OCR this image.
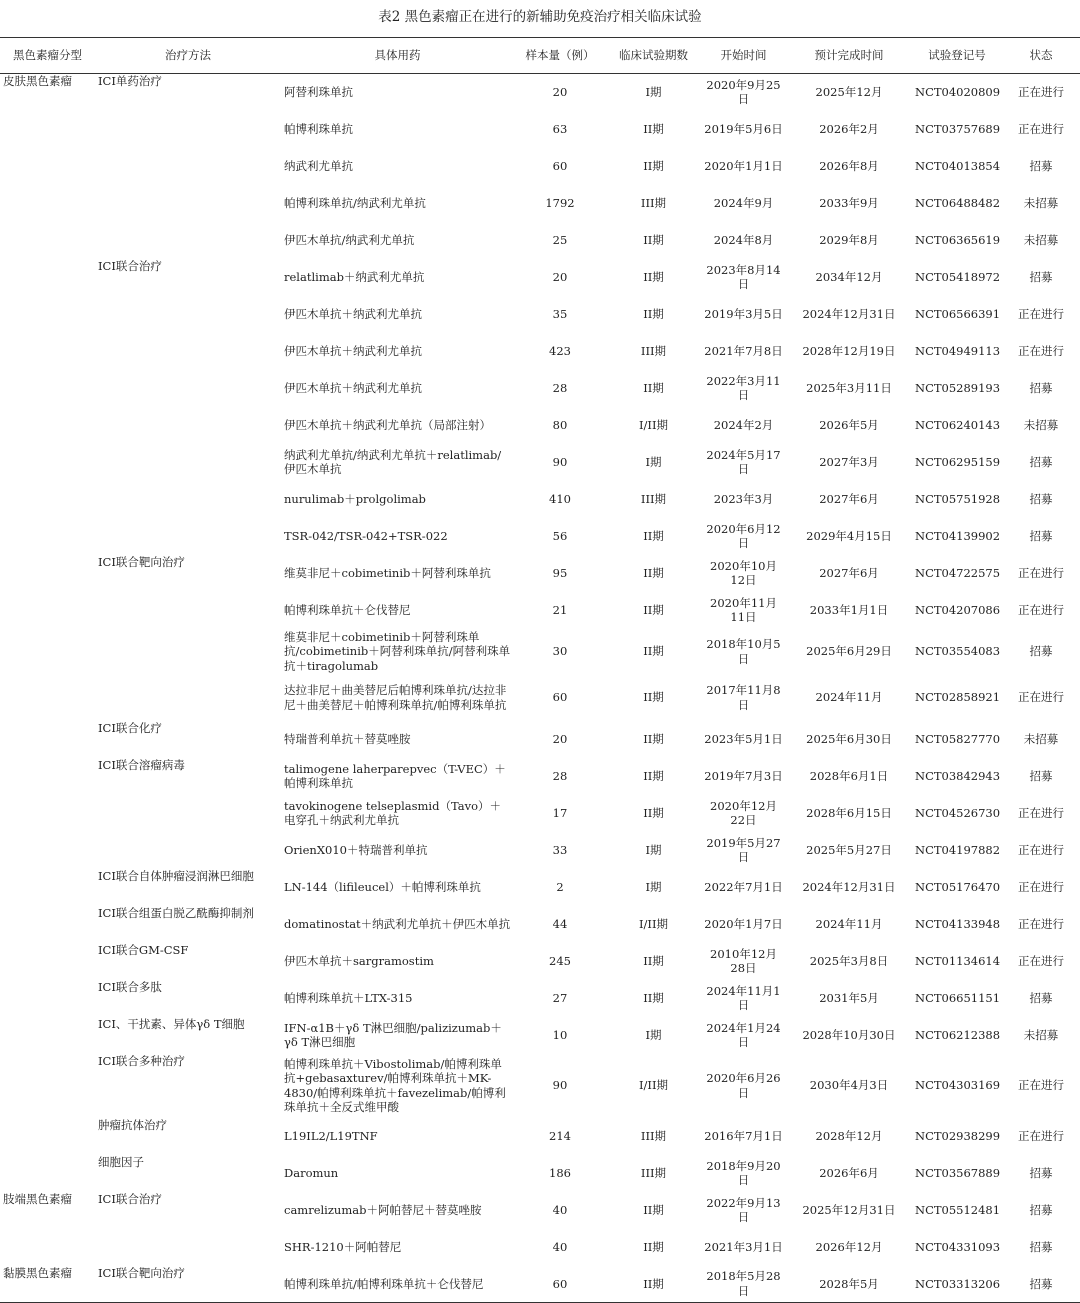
表2 黑色素瘤正在进行的新辅助免疫治疗相关临床试验
黑色素瘤分型	治疗方法	具体用药	样本量（例）	临床试验期数	开始时间	预计完成时间	试验登记号	状态
皮肤黑色素瘤	ICI单药治疗	阿替利珠单抗	20	I期	2020年9月25日	2025年12月	NCT04020809	正在进行
		帕博利珠单抗	63	II期	2019年5月6日	2026年2月	NCT03757689	正在进行
		纳武利尤单抗	60	II期	2020年1月1日	2026年8月	NCT04013854	招募
		帕博利珠单抗/纳武利尤单抗	1792	III期	2024年9月	2033年9月	NCT06488482	未招募
		伊匹木单抗/纳武利尤单抗	25	II期	2024年8月	2029年8月	NCT06365619	未招募
	ICI联合治疗	relatlimab＋纳武利尤单抗	20	II期	2023年8月14日	2034年12月	NCT05418972	招募
		伊匹木单抗＋纳武利尤单抗	35	II期	2019年3月5日	2024年12月31日	NCT06566391	正在进行
		伊匹木单抗＋纳武利尤单抗	423	III期	2021年7月8日	2028年12月19日	NCT04949113	正在进行
		伊匹木单抗＋纳武利尤单抗	28	II期	2022年3月11日	2025年3月11日	NCT05289193	招募
		伊匹木单抗＋纳武利尤单抗（局部注射）	80	I/II期	2024年2月	2026年5月	NCT06240143	未招募
		纳武利尤单抗/纳武利尤单抗＋relatlimab/伊匹木单抗	90	I期	2024年5月17日	2027年3月	NCT06295159	招募
		nurulimab＋prolgolimab	410	III期	2023年3月	2027年6月	NCT05751928	招募
		TSR-042/TSR-042+TSR-022	56	II期	2020年6月12日	2029年4月15日	NCT04139902	招募
	ICI联合靶向治疗	维莫非尼＋cobimetinib＋阿替利珠单抗	95	II期	2020年10月12日	2027年6月	NCT04722575	正在进行
		帕博利珠单抗＋仑伐替尼	21	II期	2020年11月11日	2033年1月1日	NCT04207086	正在进行
		维莫非尼＋cobimetinib＋阿替利珠单抗/cobimetinib＋阿替利珠单抗/阿替利珠单抗＋tiragolumab	30	II期	2018年10月5日	2025年6月29日	NCT03554083	招募
		达拉非尼＋曲美替尼后帕博利珠单抗/达拉非尼＋曲美替尼＋帕博利珠单抗/帕博利珠单抗	60	II期	2017年11月8日	2024年11月	NCT02858921	正在进行
	ICI联合化疗	特瑞普利单抗＋替莫唑胺	20	II期	2023年5月1日	2025年6月30日	NCT05827770	未招募
	ICI联合溶瘤病毒	talimogene laherparepvec（T-VEC）＋帕博利珠单抗	28	II期	2019年7月3日	2028年6月1日	NCT03842943	招募
		tavokinogene telseplasmid（Tavo）＋电穿孔＋纳武利尤单抗	17	II期	2020年12月22日	2028年6月15日	NCT04526730	正在进行
		OrienX010＋特瑞普利单抗	33	I期	2019年5月27日	2025年5月27日	NCT04197882	正在进行
	ICI联合自体肿瘤浸润淋巴细胞	LN-144（lifileucel）＋帕博利珠单抗	2	I期	2022年7月1日	2024年12月31日	NCT05176470	正在进行
	ICI联合组蛋白脱乙酰酶抑制剂	domatinostat＋纳武利尤单抗＋伊匹木单抗	44	I/II期	2020年1月7日	2024年11月	NCT04133948	正在进行
	ICI联合GM-CSF	伊匹木单抗＋sargramostim	245	II期	2010年12月28日	2025年3月8日	NCT01134614	正在进行
	ICI联合多肽	帕博利珠单抗＋LTX-315	27	II期	2024年11月1日	2031年5月	NCT06651151	招募
	ICI、干扰素、异体γδ T细胞	IFN-α1B＋γδ T淋巴细胞/palizizumab＋γδ T淋巴细胞	10	I期	2024年1月24日	2028年10月30日	NCT06212388	未招募
	ICI联合多种治疗	帕博利珠单抗＋Vibostolimab/帕博利珠单抗+gebasaxturev/帕博利珠单抗＋MK-4830/帕博利珠单抗＋favezelimab/帕博利珠单抗＋全反式维甲酸	90	I/II期	2020年6月26日	2030年4月3日	NCT04303169	正在进行
	肿瘤抗体治疗	L19IL2/L19TNF	214	III期	2016年7月1日	2028年12月	NCT02938299	正在进行
	细胞因子	Daromun	186	III期	2018年9月20日	2026年6月	NCT03567889	招募
肢端黑色素瘤	ICI联合治疗	camrelizumab＋阿帕替尼＋替莫唑胺	40	II期	2022年9月13日	2025年12月31日	NCT05512481	招募
		SHR-1210＋阿帕替尼	40	II期	2021年3月1日	2026年12月	NCT04331093	招募
黏膜黑色素瘤	ICI联合靶向治疗	帕博利珠单抗/帕博利珠单抗＋仑伐替尼	60	II期	2018年5月28日	2028年5月	NCT03313206	招募
